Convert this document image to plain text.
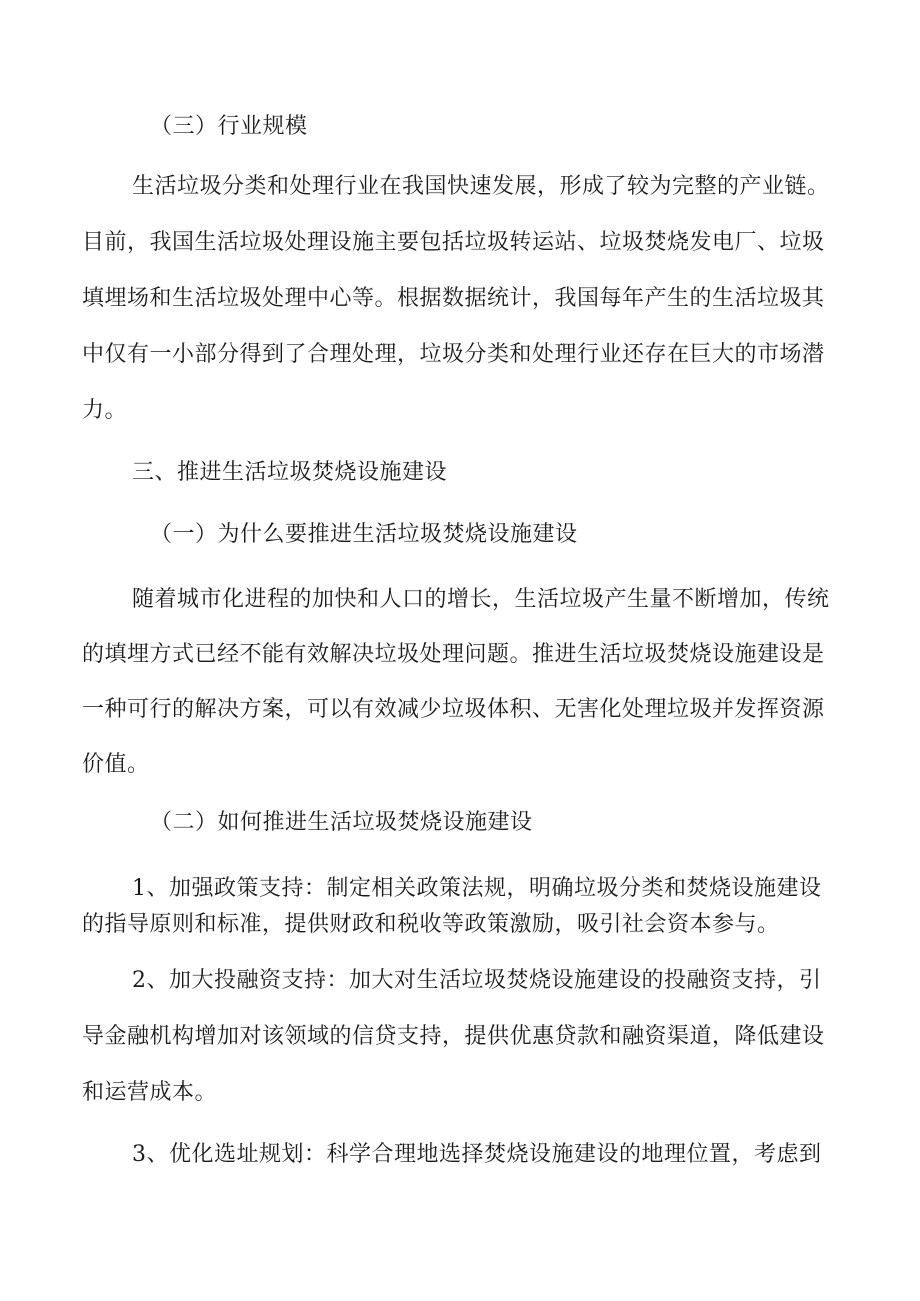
（三）行业规模
生活垃圾分类和处理行业在我国快速发展，形成了较为完整的产业链。
目前，我国生活垃圾处理设施主要包括垃圾转运站、垃圾焚烧发电厂、垃圾
填埋场和生活垃圾处理中心等。根据数据统计，我国每年产生的生活垃圾其
中仅有一小部分得到了合理处理，垃圾分类和处理行业还存在巨大的市场潜
力。
三、推进生活垃圾焚烧设施建设
（一）为什么要推进生活垃圾焚烧设施建设
随着城市化进程的加快和人口的增长，生活垃圾产生量不断增加，传统
的填埋方式已经不能有效解决垃圾处理问题。推进生活垃圾焚烧设施建设是
一种可行的解决方案，可以有效减少垃圾体积、无害化处理垃圾并发挥资源
价值。
（二）如何推进生活垃圾焚烧设施建设
1、加强政策支持：制定相关政策法规，明确垃圾分类和焚烧设施建设
的指导原则和标准，提供财政和税收等政策激励，吸引社会资本参与。
2、加大投融资支持：加大对生活垃圾焚烧设施建设的投融资支持，引
导金融机构增加对该领域的信贷支持，提供优惠贷款和融资渠道，降低建设
和运营成本。
3、优化选址规划：科学合理地选择焚烧设施建设的地理位置，考虑到
